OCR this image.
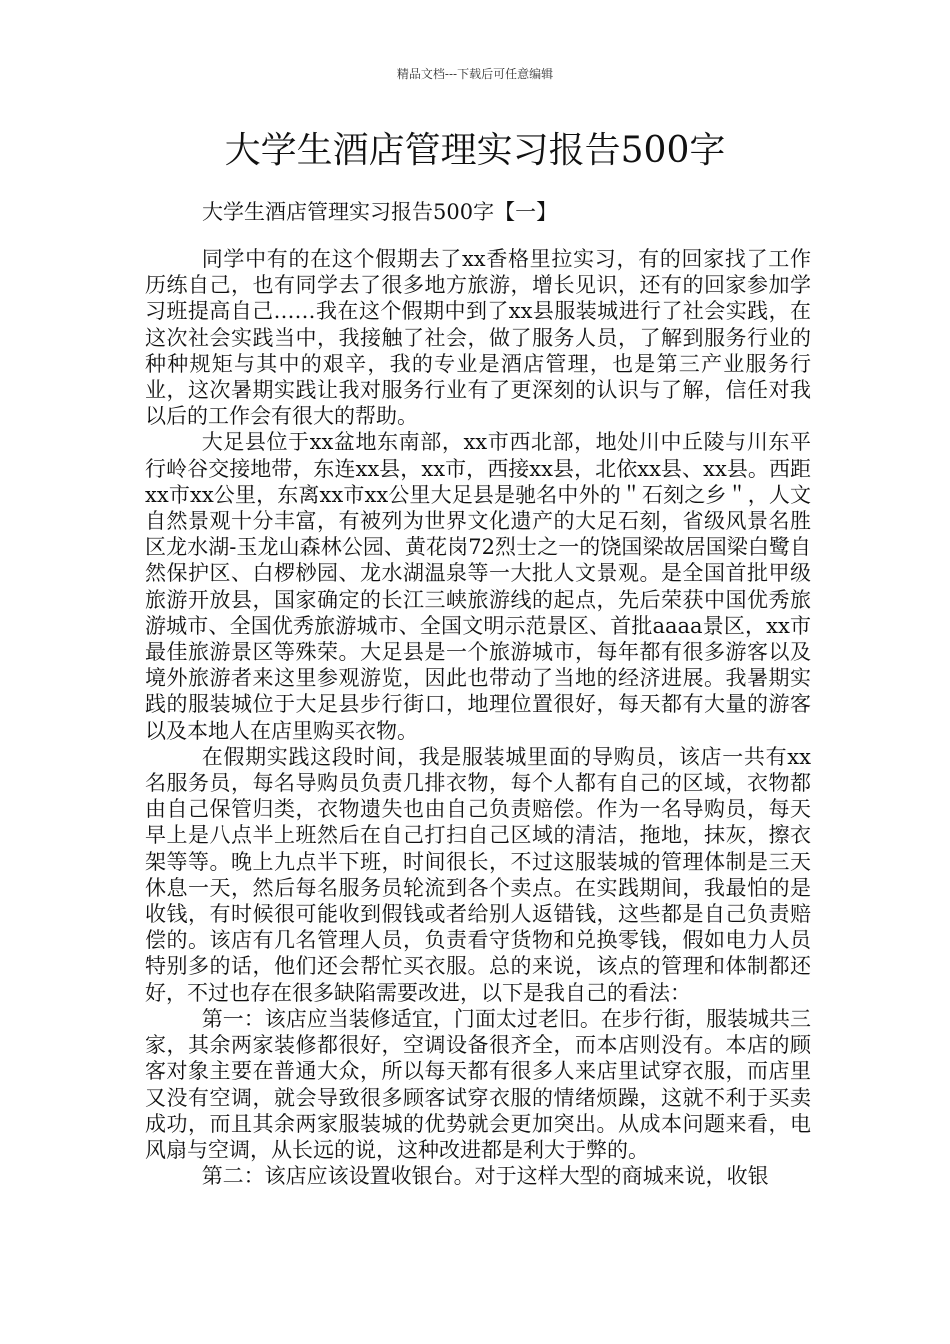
精品文档---下载后可任意编辑
大学生酒店管理实习报告500字

大学生酒店管理实习报告500字【一】

同学中有的在这个假期去了xx香格里拉实习，有的回家找了工作历练自己，也有同学去了很多地方旅游，增长见识，还有的回家参加学习班提高自己……我在这个假期中到了xx县服装城进行了社会实践，在这次社会实践当中，我接触了社会，做了服务人员，了解到服务行业的种种规矩与其中的艰辛，我的专业是酒店管理，也是第三产业服务行业，这次暑期实践让我对服务行业有了更深刻的认识与了解，信任对我以后的工作会有很大的帮助。

大足县位于xx盆地东南部，xx市西北部，地处川中丘陵与川东平行岭谷交接地带，东连xx县，xx市，西接xx县，北依xx县、xx县。西距xx市xx公里，东离xx市xx公里大足县是驰名中外的＂石刻之乡＂，人文自然景观十分丰富，有被列为世界文化遗产的大足石刻，省级风景名胜区龙水湖-玉龙山森林公园、黄花岗72烈士之一的饶国梁故居国梁白鹭自然保护区、白椤桫园、龙水湖温泉等一大批人文景观。是全国首批甲级旅游开放县，国家确定的长江三峡旅游线的起点，先后荣获中国优秀旅游城市、全国优秀旅游城市、全国文明示范景区、首批aaaa景区，xx市最佳旅游景区等殊荣。大足县是一个旅游城市，每年都有很多游客以及境外旅游者来这里参观游览，因此也带动了当地的经济进展。我暑期实践的服装城位于大足县步行街口，地理位置很好，每天都有大量的游客以及本地人在店里购买衣物。

在假期实践这段时间，我是服装城里面的导购员，该店一共有xx名服务员，每名导购员负责几排衣物，每个人都有自己的区域，衣物都由自己保管归类，衣物遗失也由自己负责赔偿。作为一名导购员，每天早上是八点半上班然后在自己打扫自己区域的清洁，拖地，抹灰，擦衣架等等。晚上九点半下班，时间很长，不过这服装城的管理体制是三天休息一天，然后每名服务员轮流到各个卖点。在实践期间，我最怕的是收钱，有时候很可能收到假钱或者给别人返错钱，这些都是自己负责赔偿的。该店有几名管理人员，负责看守货物和兑换零钱，假如电力人员特别多的话，他们还会帮忙买衣服。总的来说，该点的管理和体制都还好，不过也存在很多缺陷需要改进，以下是我自己的看法：

第一：该店应当装修适宜，门面太过老旧。在步行街，服装城共三家，其余两家装修都很好，空调设备很齐全，而本店则没有。本店的顾客对象主要在普通大众，所以每天都有很多人来店里试穿衣服，而店里又没有空调，就会导致很多顾客试穿衣服的情绪烦躁，这就不利于买卖成功，而且其余两家服装城的优势就会更加突出。从成本问题来看，电风扇与空调，从长远的说，这种改进都是利大于弊的。

第二：该店应该设置收银台。对于这样大型的商城来说，收银
